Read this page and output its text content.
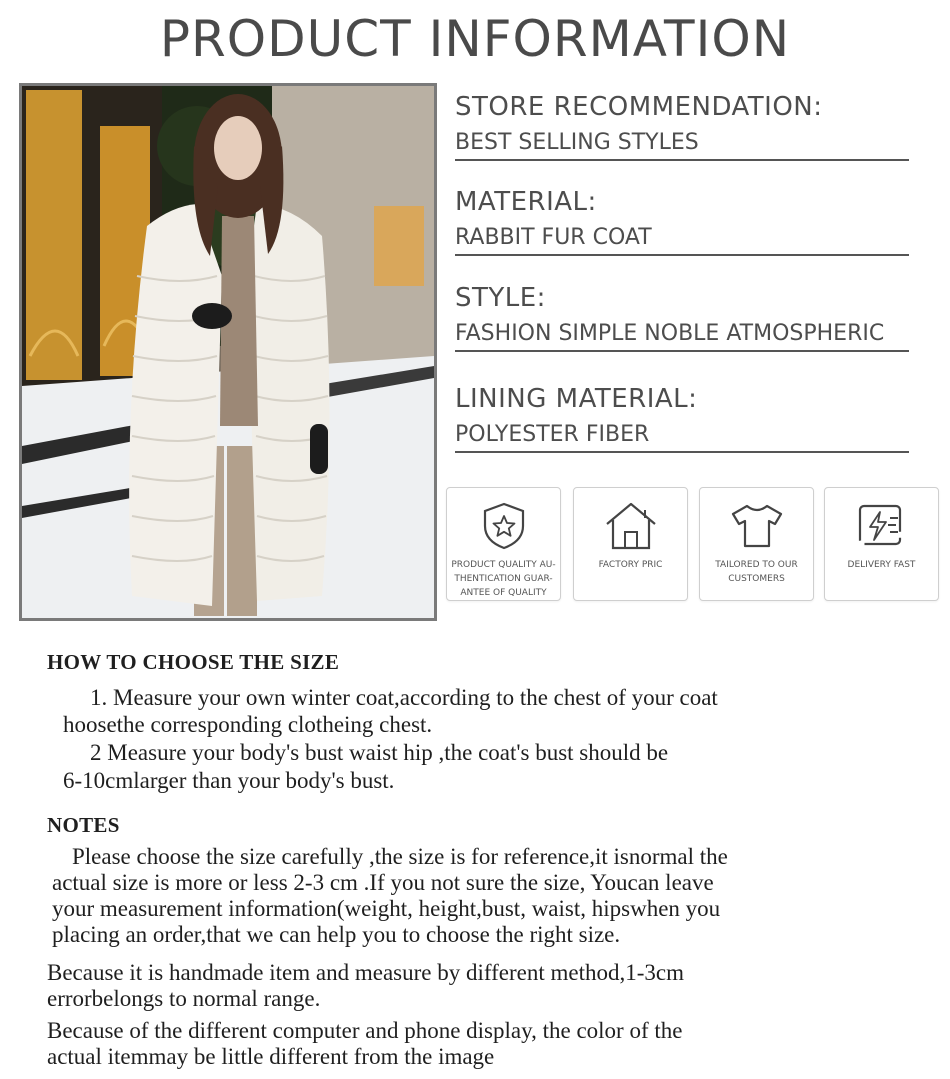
PRODUCT INFORMATION
STORE RECOMMENDATION:
BEST SELLING STYLES
MATERIAL:
RABBIT FUR COAT
STYLE:
FASHION SIMPLE NOBLE ATMOSPHERIC
LINING MATERIAL:
POLYESTER FIBER
PRODUCT QUALITY AU- THENTICATION GUAR- ANTEE OF QUALITY
FACTORY PRIC	TAILORED TO OUR CUSTOMERS
DELIVERY FAST
HOW TO CHOOSE THE SIZE
1. Measure your own winter coat,according to the chest of your coat
hoosethe corresponding clotheing chest.
2 Measure your body's bust waist hip ,the coat's bust should be
6-10cmlarger than your body's bust.
NOTES
Please choose the size carefully ,the size is for reference,it isnormal the
actual size is more or less 2-3 cm .If you not sure the size, Youcan leave
your measurement information(weight, height,bust, waist, hipswhen you
placing an order,that we can help you to choose the right size.
Because it is handmade item and measure by different method,1-3cm
errorbelongs to normal range.
Because of the different computer and phone display, the color of the
actual itemmay be little different from the image
